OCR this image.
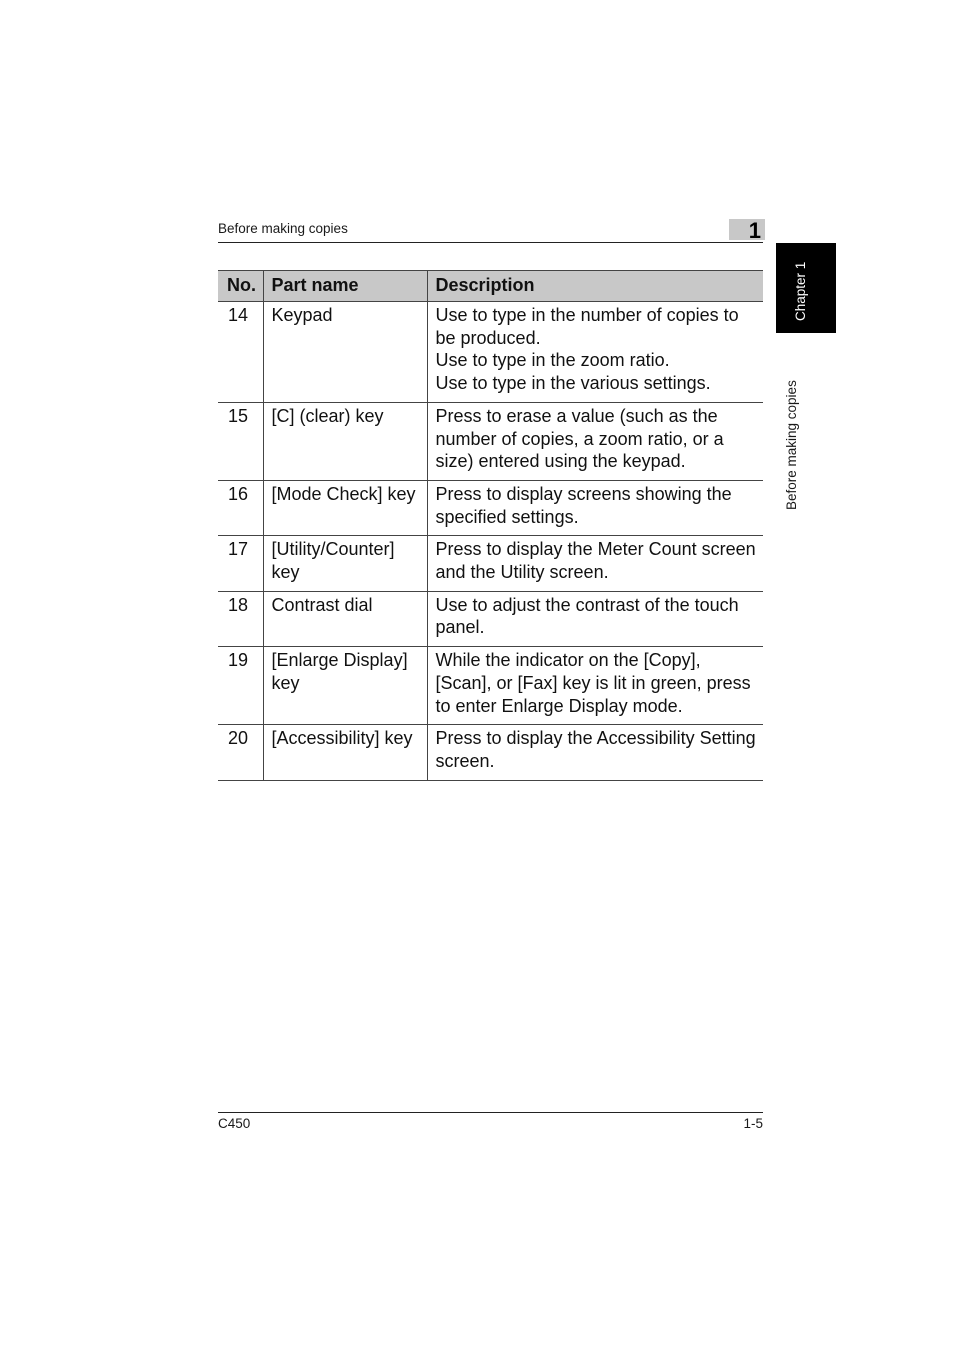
Before making copies	1
Chapter 1
Before making copies
No.	Part name	Description
14	Keypad	Use to type in the number of copies to be produced.
Use to type in the zoom ratio.
Use to type in the various settings.

15	[C] (clear) key	Press to erase a value (such as the number of copies, a zoom ratio, or a size) entered using the keypad.

16	[Mode Check] key	Press to display screens showing the specified settings.

17	[Utility/Counter] key	Press to display the Meter Count screen and the Utility screen.

18	Contrast dial	Use to adjust the contrast of the touch panel.

19	[Enlarge Display] key	While the indicator on the [Copy], [Scan], or [Fax] key is lit in green, press to enter Enlarge Display mode.

20	[Accessibility] key	Press to display the Accessibility Setting screen.
C450	1-5
